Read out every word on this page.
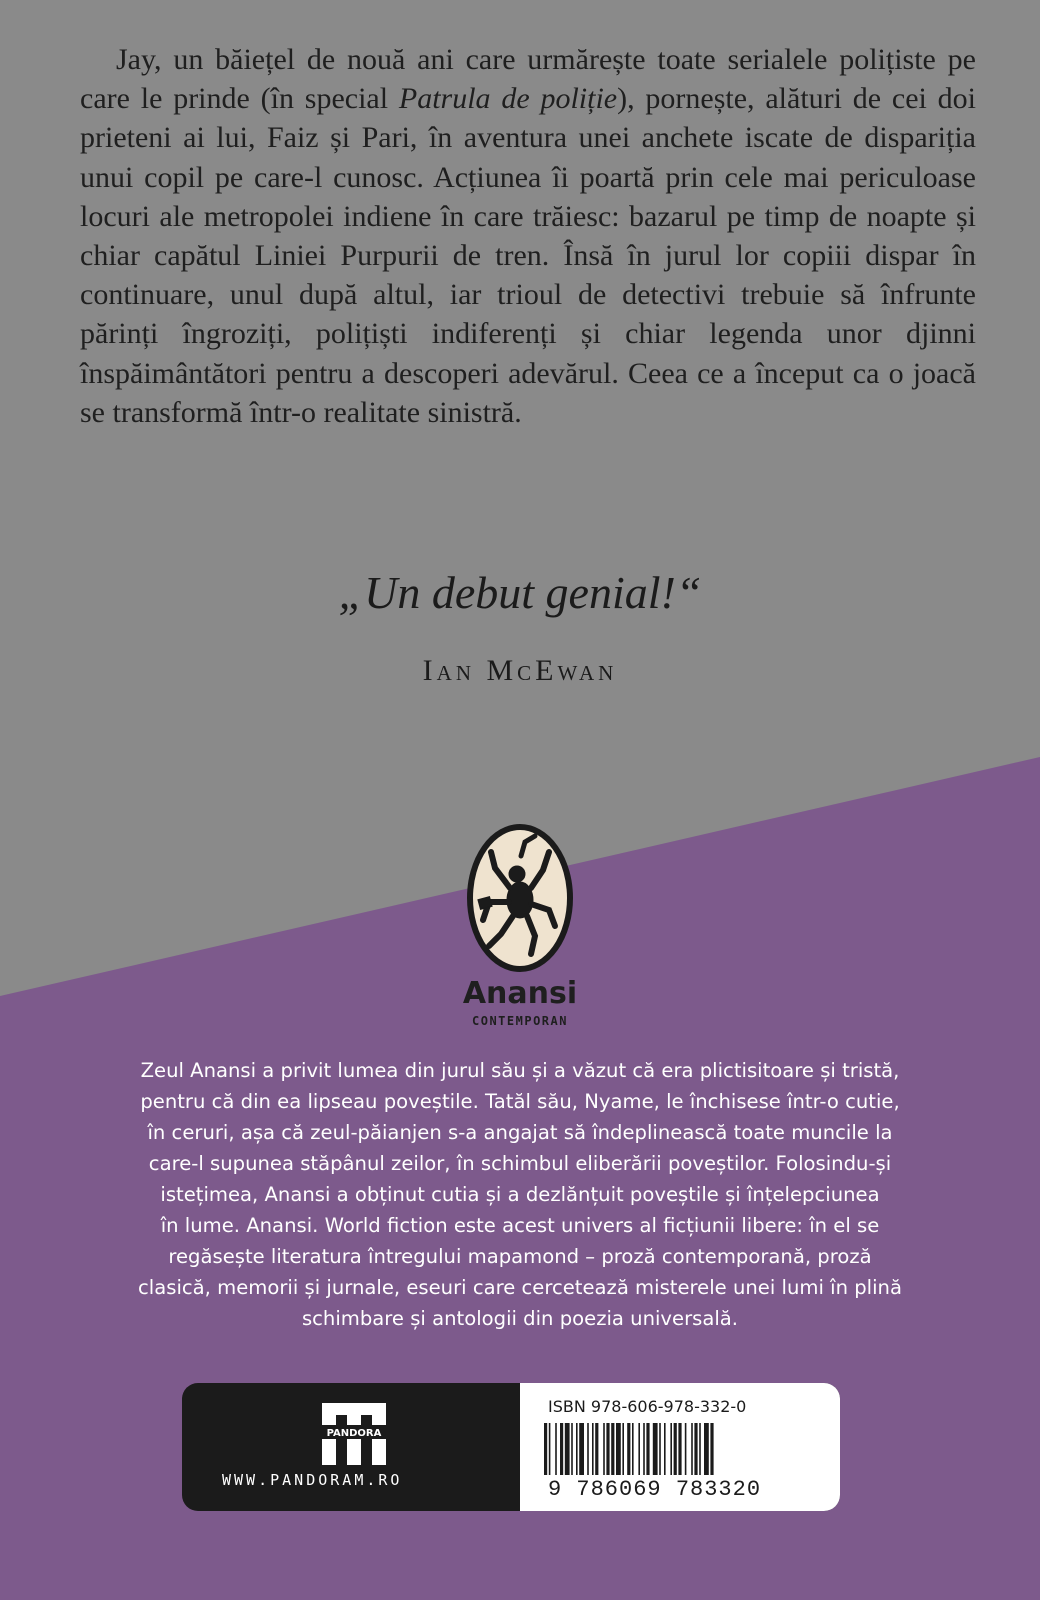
Jay, un băiețel de nouă ani care urmărește toate serialele polițiste pe care le prinde (în special Patrula de poliție), pornește, alături de cei doi prieteni ai lui, Faiz și Pari, în aventura unei anchete iscate de dispariția unui copil pe care-l cunosc. Acțiunea îi poartă prin cele mai periculoase locuri ale metropolei indiene în care trăiesc: bazarul pe timp de noapte și chiar capătul Liniei Purpurii de tren. Însă în jurul lor copiii dispar în continuare, unul după altul, iar trioul de detectivi trebuie să înfrunte părinți îngroziți, polițiști indiferenți și chiar legenda unor djinni înspăimântători pentru a descoperi adevărul. Ceea ce a început ca o joacă se transformă într-o realitate sinistră.

„Un debut genial!“
Ian McEwan
Anansi
CONTEMPORAN
Zeul Anansi a privit lumea din jurul său și a văzut că era plictisitoare și tristă,
pentru că din ea lipseau poveștile. Tatăl său, Nyame, le închisese într-o cutie,
în ceruri, așa că zeul-păianjen s-a angajat să îndeplinească toate muncile la
care-l supunea stăpânul zeilor, în schimbul eliberării poveștilor. Folosindu-și
istețimea, Anansi a obținut cutia și a dezlănțuit poveștile și înțelepciunea
în lume. Anansi. World fiction este acest univers al ficțiunii libere: în el se
regăsește literatura întregului mapamond – proză contemporană, proză
clasică, memorii și jurnale, eseuri care cercetează misterele unei lumi în plină
schimbare și antologii din poezia universală.
PANDORA
WWW.PANDORAM.RO
ISBN 978-606-978-332-0
9 786069 783320
